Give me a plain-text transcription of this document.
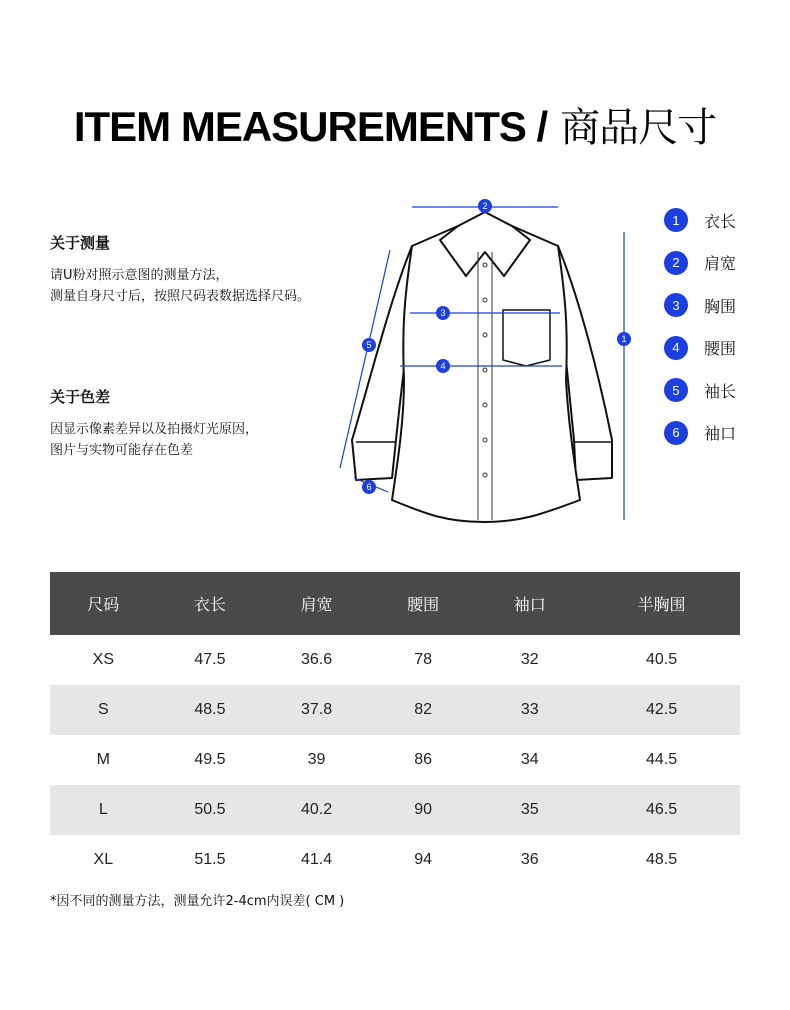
ITEM MEASUREMENTS / 商品尺寸
关于测量

请U粉对照示意图的测量方法，

测量自身尺寸后，按照尺码表数据选择尺码。

关于色差

因显示像素差异以及拍摄灯光原因，

图片与实物可能存在色差

2
3
4
1
5
6
1	衣长
2	肩宽
3	胸围
4	腰围
5	袖长
6	袖口
尺码	衣长	肩宽	腰围	袖口	半胸围
XS	47.5	36.6	78	32	40.5
S	48.5	37.8	82	33	42.5
M	49.5	39	86	34	44.5
L	50.5	40.2	90	35	46.5
XL	51.5	41.4	94	36	48.5
*因不同的测量方法，测量允许2-4cm内误差( CM )
